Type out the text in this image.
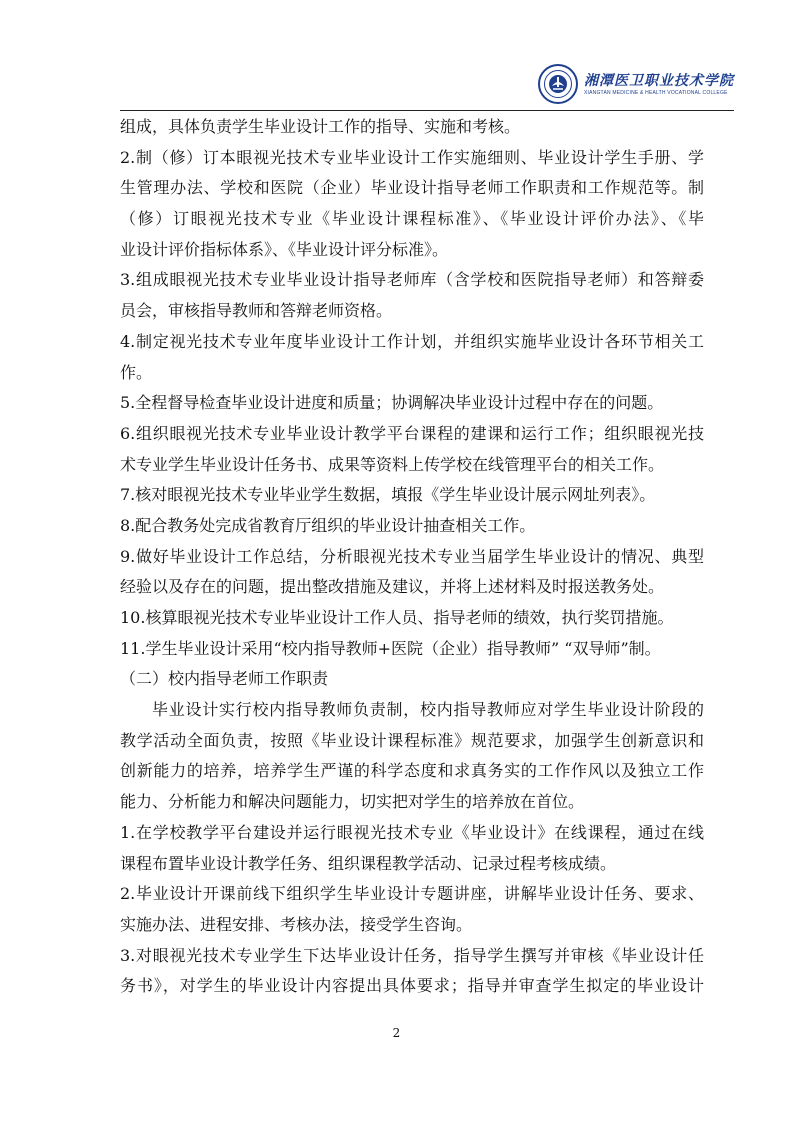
湘潭医卫职业技术学院
XIANGTAN MEDICINE & HEALTH VOCATIONAL COLLEGE
组成，具体负责学生毕业设计工作的指导、实施和考核。
2.制（修）订本眼视光技术专业毕业设计工作实施细则、毕业设计学生手册、学
生管理办法、学校和医院（企业）毕业设计指导老师工作职责和工作规范等。制
（修）订眼视光技术专业《毕业设计课程标准》、《毕业设计评价办法》、《毕
业设计评价指标体系》、《毕业设计评分标准》。
3.组成眼视光技术专业毕业设计指导老师库（含学校和医院指导老师）和答辩委
员会，审核指导教师和答辩老师资格。
4.制定视光技术专业年度毕业设计工作计划，并组织实施毕业设计各环节相关工
作。
5.全程督导检查毕业设计进度和质量；协调解决毕业设计过程中存在的问题。
6.组织眼视光技术专业毕业设计教学平台课程的建课和运行工作；组织眼视光技
术专业学生毕业设计任务书、成果等资料上传学校在线管理平台的相关工作。
7.核对眼视光技术专业毕业学生数据，填报《学生毕业设计展示网址列表》。
8.配合教务处完成省教育厅组织的毕业设计抽查相关工作。
9.做好毕业设计工作总结，分析眼视光技术专业当届学生毕业设计的情况、典型
经验以及存在的问题，提出整改措施及建议，并将上述材料及时报送教务处。
10.核算眼视光技术专业毕业设计工作人员、指导老师的绩效，执行奖罚措施。
11.学生毕业设计采用“校内指导教师+医院（企业）指导教师” “双导师”制。
（二）校内指导老师工作职责
毕业设计实行校内指导教师负责制，校内指导教师应对学生毕业设计阶段的
教学活动全面负责，按照《毕业设计课程标准》规范要求，加强学生创新意识和
创新能力的培养，培养学生严谨的科学态度和求真务实的工作作风以及独立工作
能力、分析能力和解决问题能力，切实把对学生的培养放在首位。
1.在学校教学平台建设并运行眼视光技术专业《毕业设计》在线课程，通过在线
课程布置毕业设计教学任务、组织课程教学活动、记录过程考核成绩。
2.毕业设计开课前线下组织学生毕业设计专题讲座，讲解毕业设计任务、要求、
实施办法、进程安排、考核办法，接受学生咨询。
3.对眼视光技术专业学生下达毕业设计任务，指导学生撰写并审核《毕业设计任
务书》，对学生的毕业设计内容提出具体要求；指导并审查学生拟定的毕业设计
2
